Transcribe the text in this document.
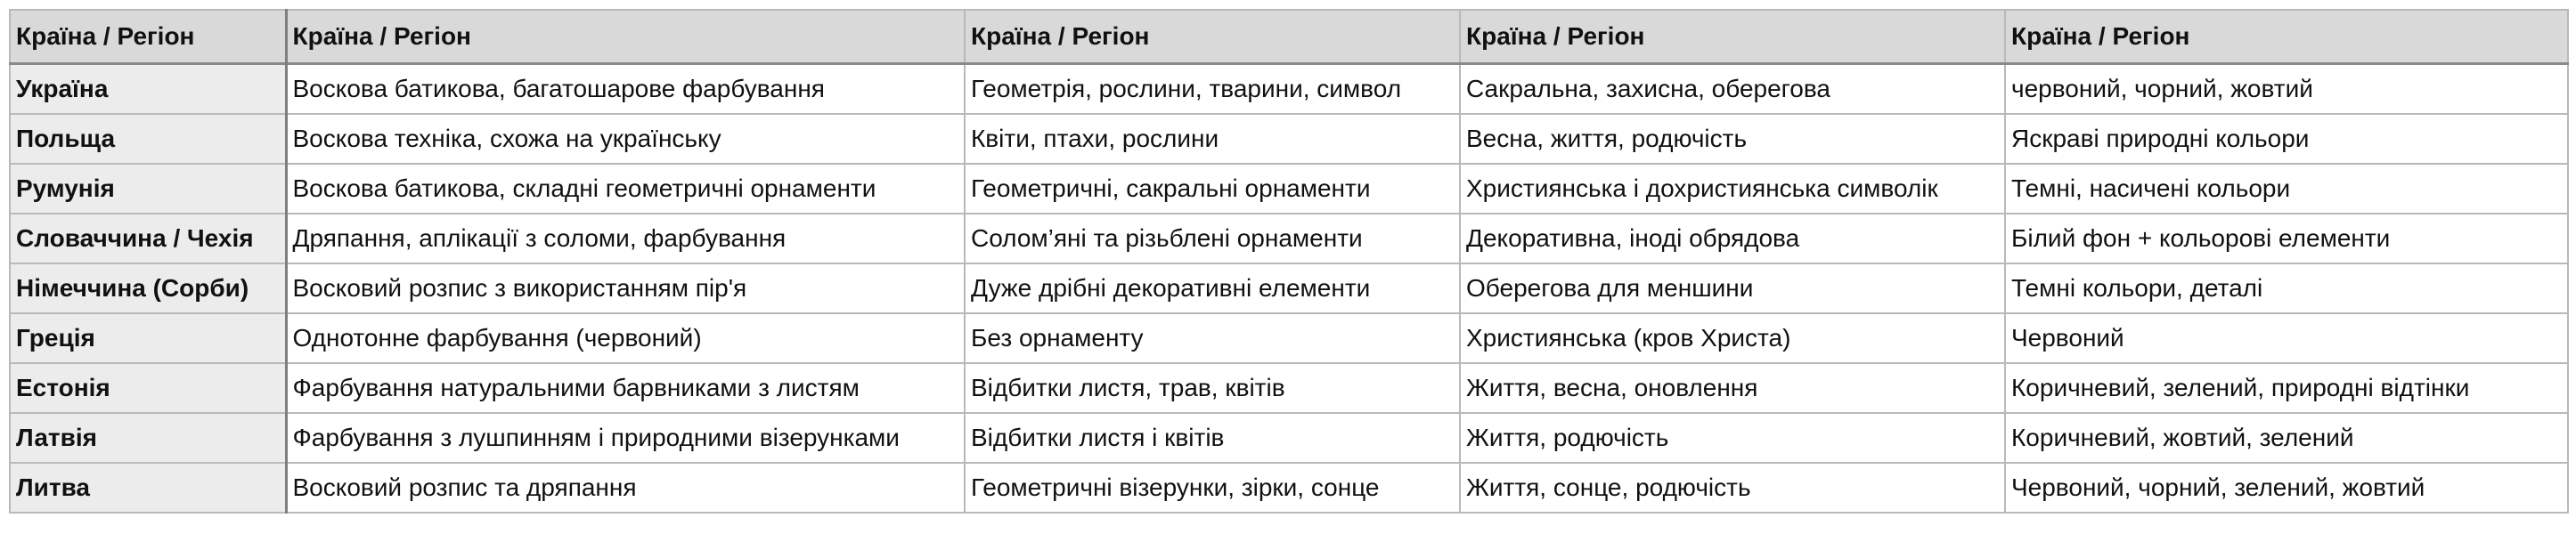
Країна / Регіон	Країна / Регіон	Країна / Регіон	Країна / Регіон	Країна / Регіон
Україна	Воскова батикова, багатошарове фарбування	Геометрія, рослини, тварини, символ	Сакральна, захисна, оберегова	червоний, чорний, жовтий
Польща	Воскова техніка, схожа на українську	Квіти, птахи, рослини	Весна, життя, родючість	Яскраві природні кольори
Румунія	Воскова батикова, складні геометричні орнаменти	Геометричні, сакральні орнаменти	Християнська і дохристиянська символік	Темні, насичені кольори
Словаччина / Чехія	Дряпання, аплікації з соломи, фарбування	Солом’яні та різьблені орнаменти	Декоративна, іноді обрядова	Білий фон + кольорові елементи
Німеччина (Сорби)	Восковий розпис з використанням пір'я	Дуже дрібні декоративні елементи	Оберегова для меншини	Темні кольори, деталі
Греція	Однотонне фарбування (червоний)	Без орнаменту	Християнська (кров Христа)	Червоний
Естонія	Фарбування натуральними барвниками з листям	Відбитки листя, трав, квітів	Життя, весна, оновлення	Коричневий, зелений, природні відтінки
Латвія	Фарбування з лушпинням і природними візерунками	Відбитки листя і квітів	Життя, родючість	Коричневий, жовтий, зелений
Литва	Восковий розпис та дряпання	Геометричні візерунки, зірки, сонце	Життя, сонце, родючість	Червоний, чорний, зелений, жовтий
